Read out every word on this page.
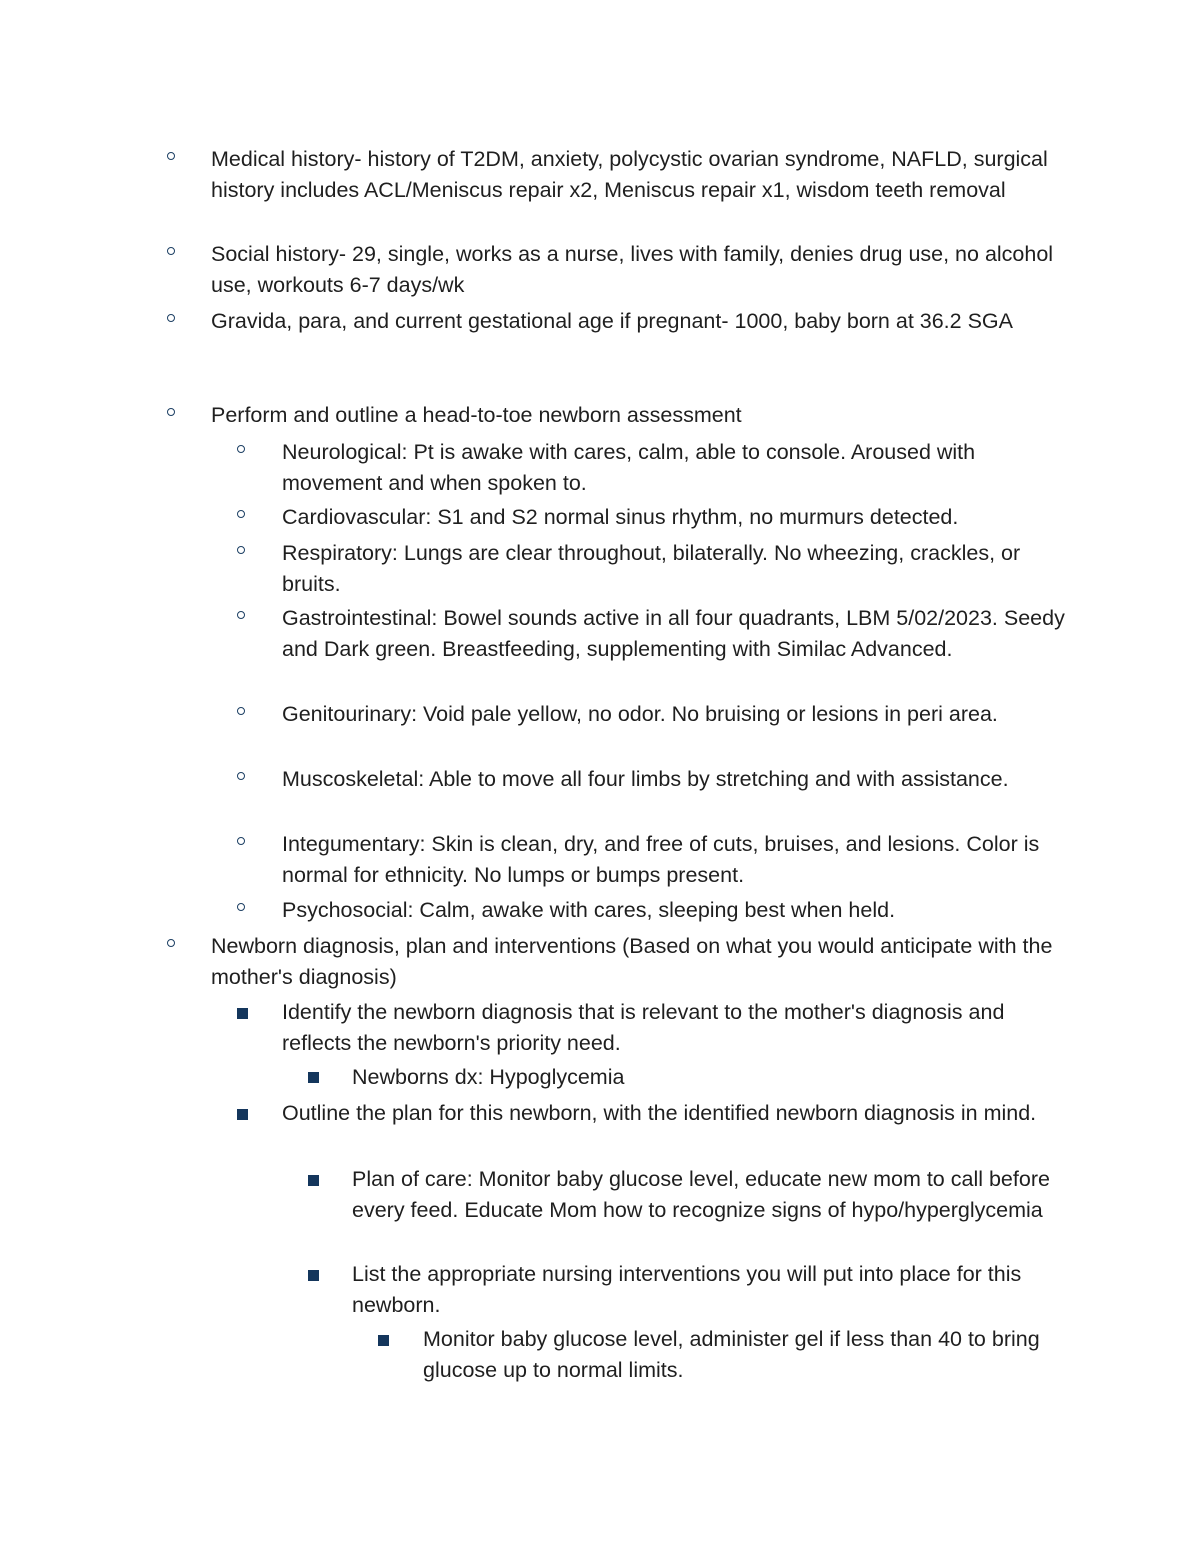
Medical history- history of T2DM, anxiety, polycystic ovarian syndrome, NAFLD, surgical history includes ACL/Meniscus repair x2, Meniscus repair x1, wisdom teeth removal
Social history- 29, single, works as a nurse, lives with family, denies drug use, no alcohol use, workouts 6-7 days/wk
Gravida, para, and current gestational age if pregnant- 1000, baby born at 36.2 SGA
Perform and outline a head-to-toe newborn assessment
Neurological: Pt is awake with cares, calm, able to console. Aroused with movement and when spoken to.
Cardiovascular: S1 and S2 normal sinus rhythm, no murmurs detected.
Respiratory: Lungs are clear throughout, bilaterally. No wheezing, crackles, or bruits.
Gastrointestinal: Bowel sounds active in all four quadrants, LBM 5/02/2023. Seedy and Dark green. Breastfeeding, supplementing with Similac Advanced.
Genitourinary: Void pale yellow, no odor. No bruising or lesions in peri area.
Muscoskeletal: Able to move all four limbs by stretching and with assistance.
Integumentary: Skin is clean, dry, and free of cuts, bruises, and lesions. Color is normal for ethnicity. No lumps or bumps present.
Psychosocial: Calm, awake with cares, sleeping best when held.
Newborn diagnosis, plan and interventions (Based on what you would anticipate with the mother's diagnosis)
Identify the newborn diagnosis that is relevant to the mother's diagnosis and reflects the newborn's priority need.
Newborns dx: Hypoglycemia
Outline the plan for this newborn, with the identified newborn diagnosis in mind.
Plan of care: Monitor baby glucose level, educate new mom to call before every feed. Educate Mom how to recognize signs of hypo/hyperglycemia
List the appropriate nursing interventions you will put into place for this newborn.
Monitor baby glucose level, administer gel if less than 40 to bring glucose up to normal limits.
